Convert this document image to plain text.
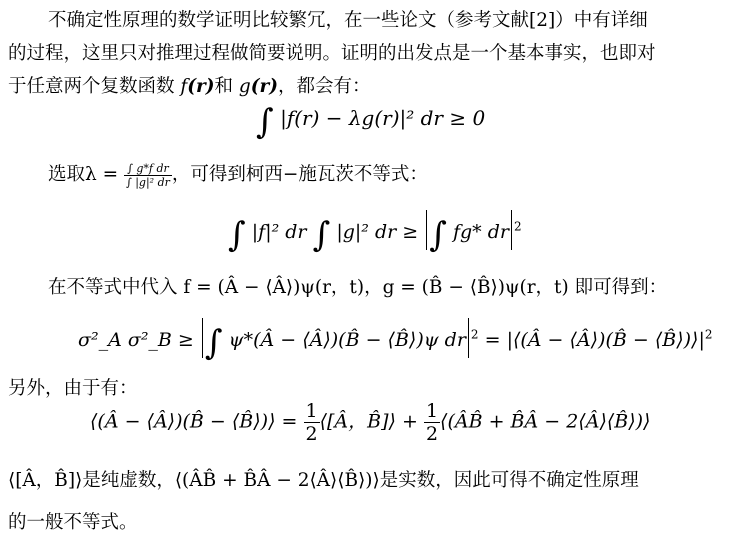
不确定性原理的数学证明比较繁冗，在一些论文（参考文献[2]）中有详细
的过程，这里只对推理过程做简要说明。证明的出发点是一个基本事实，也即对
于任意两个复数函数 f(r)和 g(r)，都会有：
∫ |f(r) − λg(r)|² dr ≥ 0
选取$\lambda = \frac{\text{∫ g*f dr}}{\text{∫ |g|² dr}}$ ，可得到柯西−施瓦茨不等式：
∫ |f|² dr ∫ |g|² dr ≥ ∫ fg* dr $^2$
在不等式中代入 f = (Â − ⟨Â⟩)ψ(r，t)，g = (B̂ − ⟨B̂⟩)ψ(r，t) 即可得到：
σ²_A σ²_B ≥ ∫ ψ*(Â − ⟨Â⟩)(B̂ − ⟨B̂⟩)ψ dr $^2$ = |⟨(Â − ⟨Â⟩)(B̂ − $⟨B̂⟩)⟩|^2$
另外，由于有：
⟨(Â − ⟨Â⟩)(B̂ − ⟨B̂⟩)⟩ = $\frac{1}{2}$ ⟨[Â，B̂]⟩ + $\frac{1}{2}$ ⟨(ÂB̂ + B̂Â − 2⟨Â⟩⟨B̂⟩)⟩
⟨[Â，B̂]⟩是纯虚数，⟨(ÂB̂ + B̂Â − 2⟨Â⟩⟨B̂⟩)⟩是实数，因此可得不确定性原理
的一般不等式。
